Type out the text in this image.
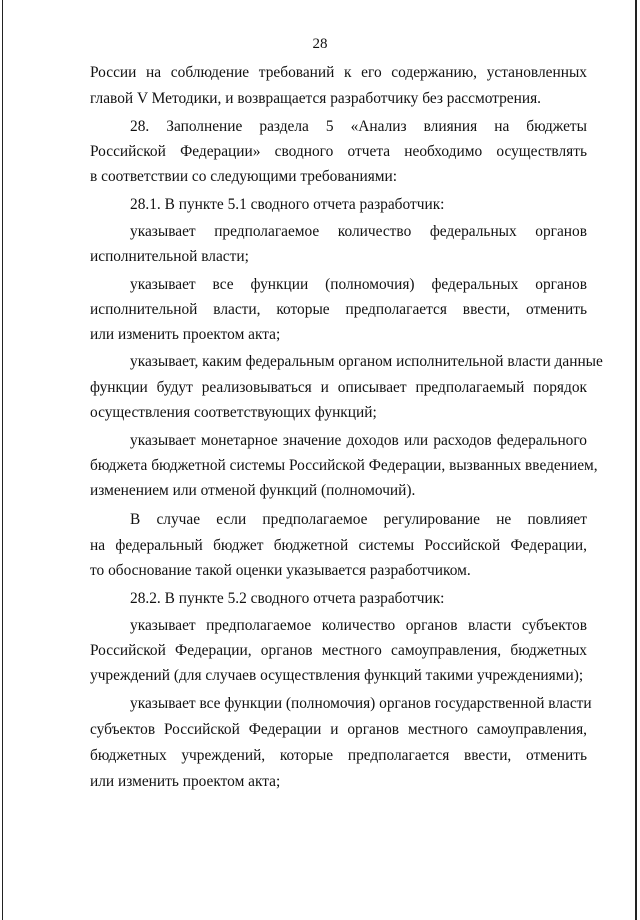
28
России на соблюдение требований к его содержанию, установленных
главой V Методики, и возвращается разработчику без рассмотрения.
28. Заполнение раздела 5 «Анализ влияния на бюджеты
Российской Федерации» сводного отчета необходимо осуществлять
в соответствии со следующими требованиями:
28.1. В пункте 5.1 сводного отчета разработчик:
указывает предполагаемое количество федеральных органов
исполнительной власти;
указывает все функции (полномочия) федеральных органов
исполнительной власти, которые предполагается ввести, отменить
или изменить проектом акта;
указывает, каким федеральным органом исполнительной власти данные
функции будут реализовываться и описывает предполагаемый порядок
осуществления соответствующих функций;
указывает монетарное значение доходов или расходов федерального
бюджета бюджетной системы Российской Федерации, вызванных введением,
изменением или отменой функций (полномочий).
В случае если предполагаемое регулирование не повлияет
на федеральный бюджет бюджетной системы Российской Федерации,
то обоснование такой оценки указывается разработчиком.
28.2. В пункте 5.2 сводного отчета разработчик:
указывает предполагаемое количество органов власти субъектов
Российской Федерации, органов местного самоуправления, бюджетных
учреждений (для случаев осуществления функций такими учреждениями);
указывает все функции (полномочия) органов государственной власти
субъектов Российской Федерации и органов местного самоуправления,
бюджетных учреждений, которые предполагается ввести, отменить
или изменить проектом акта;
